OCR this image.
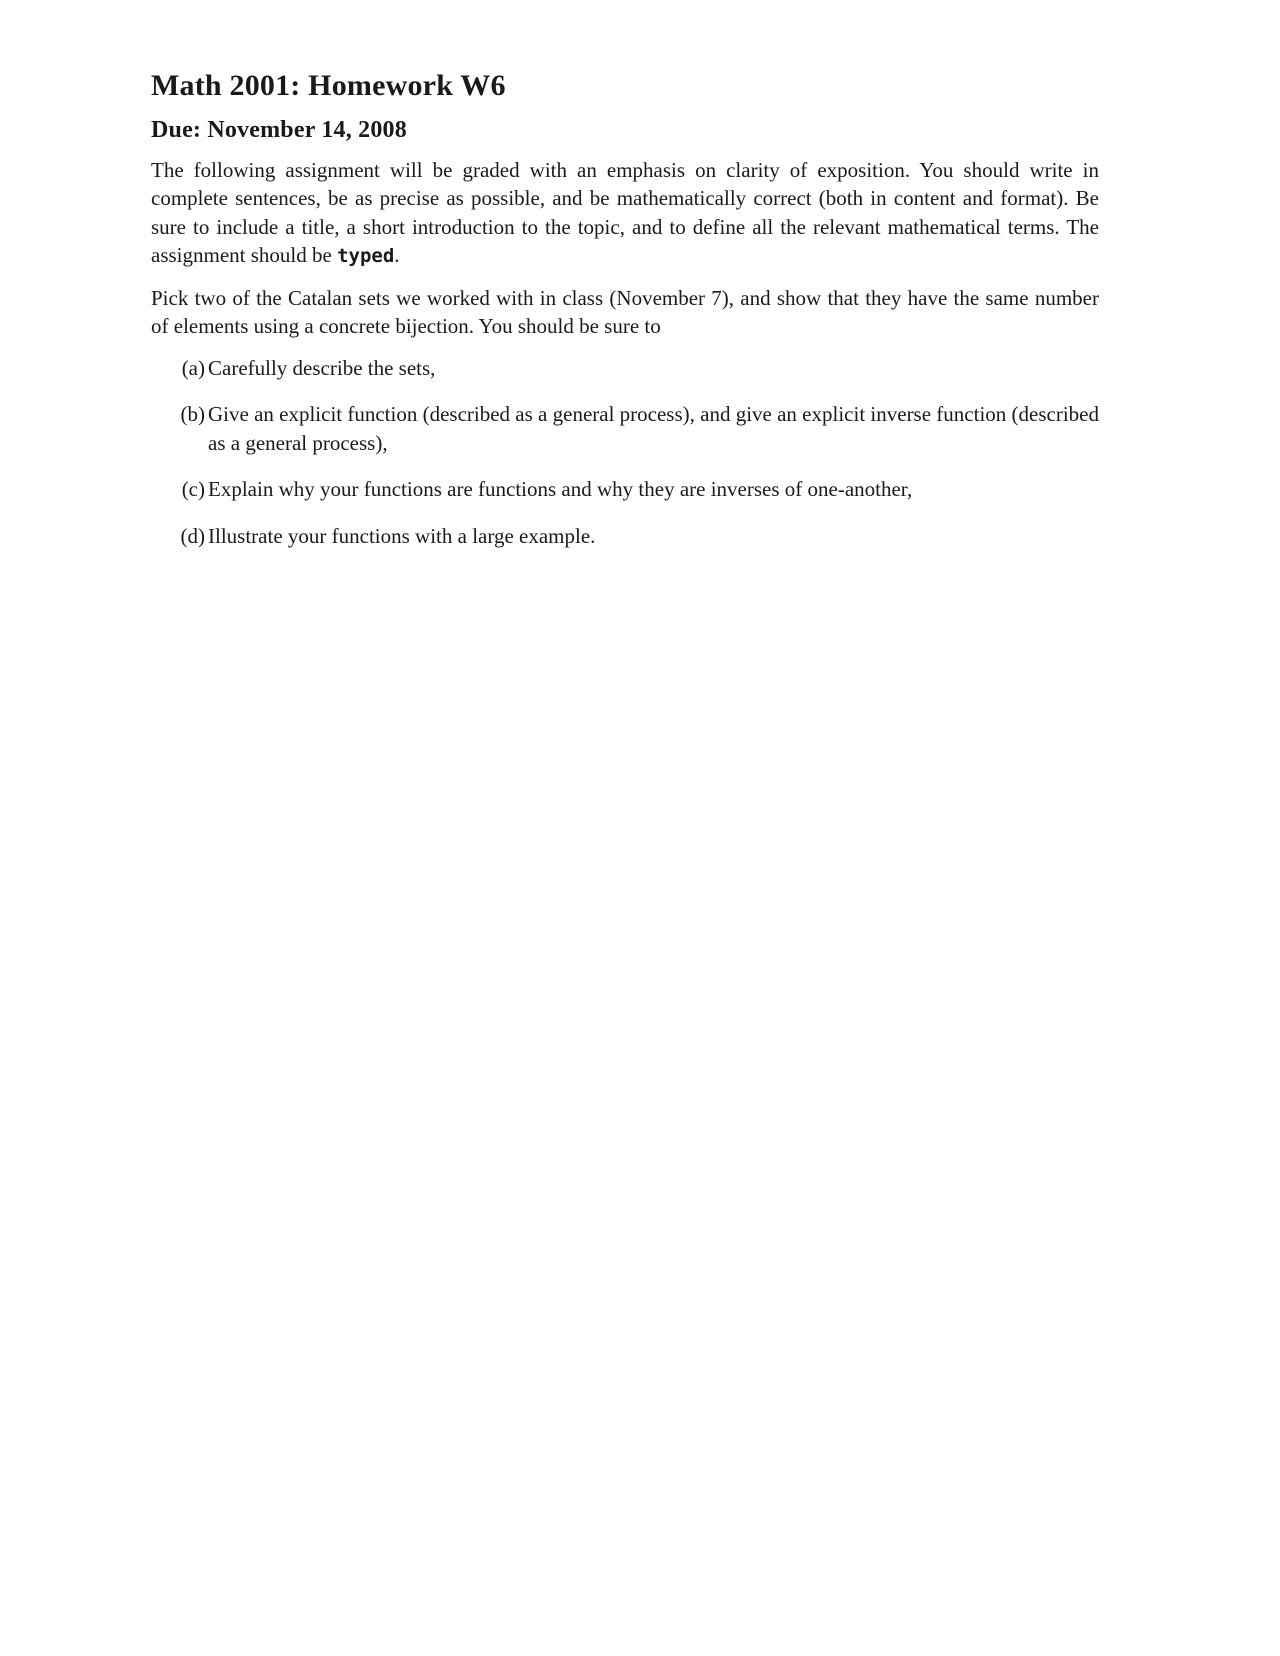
Math 2001: Homework W6
Due: November 14, 2008

The following assignment will be graded with an emphasis on clarity of exposition. You should write in complete sentences, be as precise as possible, and be mathematically correct (both in content and format). Be sure to include a title, a short introduction to the topic, and to define all the relevant mathematical terms. The assignment should be typed.

Pick two of the Catalan sets we worked with in class (November 7), and show that they have the same number of elements using a concrete bijection. You should be sure to

(a) Carefully describe the sets,
(b) Give an explicit function (described as a general process), and give an explicit inverse function (described as a general process),
(c) Explain why your functions are functions and why they are inverses of one-another,
(d) Illustrate your functions with a large example.
